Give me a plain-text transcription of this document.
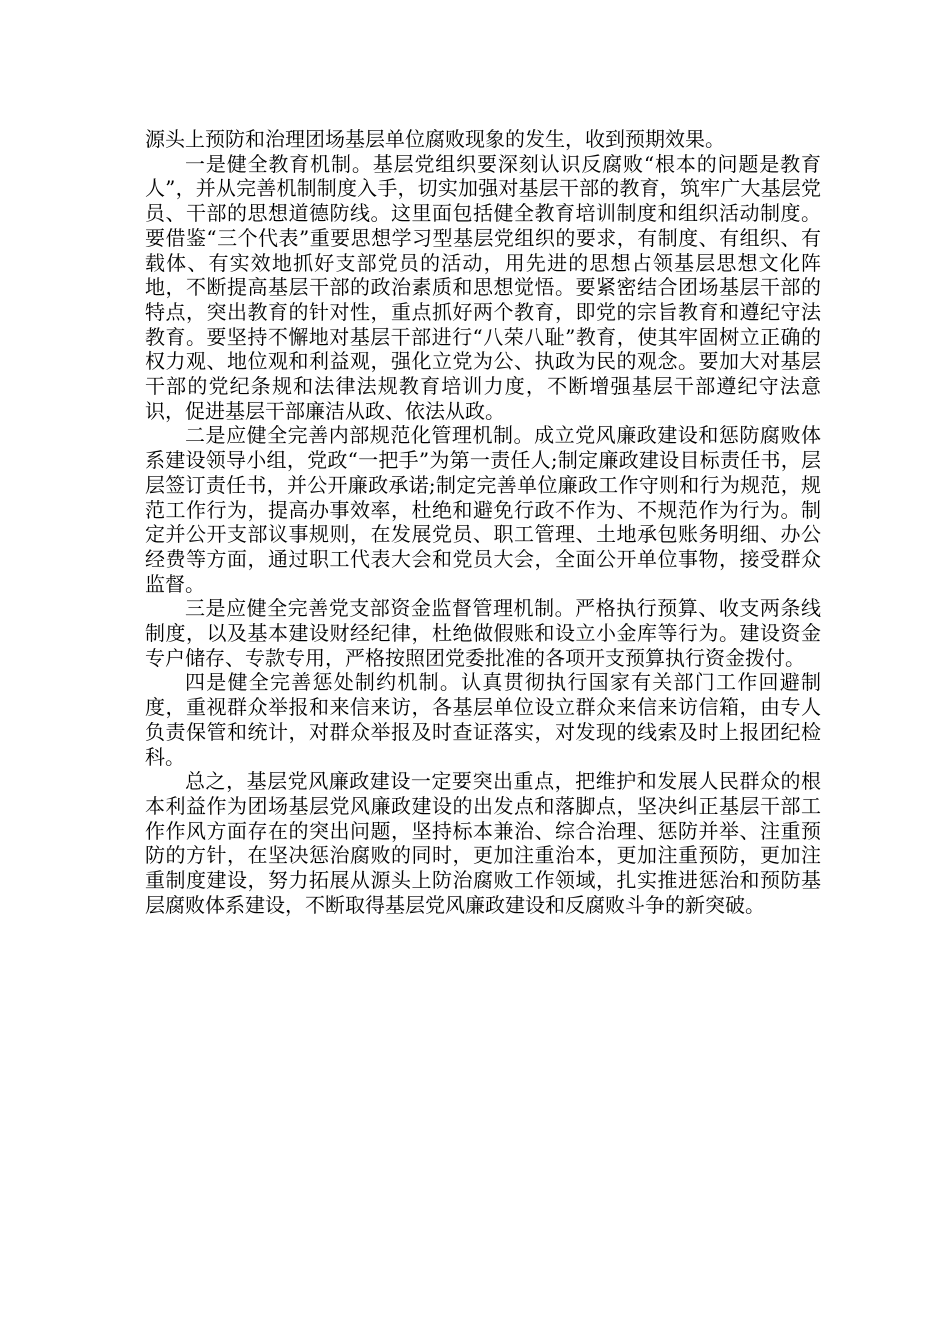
源头上预防和治理团场基层单位腐败现象的发生，收到预期效果。

一是健全教育机制。基层党组织要深刻认识反腐败“根本的问题是教育人”，并从完善机制制度入手，切实加强对基层干部的教育，筑牢广大基层党员、干部的思想道德防线。这里面包括健全教育培训制度和组织活动制度。要借鉴“三个代表”重要思想学习型基层党组织的要求，有制度、有组织、有载体、有实效地抓好支部党员的活动，用先进的思想占领基层思想文化阵地，不断提高基层干部的政治素质和思想觉悟。要紧密结合团场基层干部的特点，突出教育的针对性，重点抓好两个教育，即党的宗旨教育和遵纪守法教育。要坚持不懈地对基层干部进行“八荣八耻”教育，使其牢固树立正确的权力观、地位观和利益观，强化立党为公、执政为民的观念。要加大对基层干部的党纪条规和法律法规教育培训力度，不断增强基层干部遵纪守法意识，促进基层干部廉洁从政、依法从政。

二是应健全完善内部规范化管理机制。成立党风廉政建设和惩防腐败体系建设领导小组，党政“一把手”为第一责任人;制定廉政建设目标责任书，层层签订责任书，并公开廉政承诺;制定完善单位廉政工作守则和行为规范，规范工作行为，提高办事效率，杜绝和避免行政不作为、不规范作为行为。制定并公开支部议事规则，在发展党员、职工管理、土地承包账务明细、办公经费等方面，通过职工代表大会和党员大会，全面公开单位事物，接受群众监督。

三是应健全完善党支部资金监督管理机制。严格执行预算、收支两条线制度，以及基本建设财经纪律，杜绝做假账和设立小金库等行为。建设资金专户储存、专款专用，严格按照团党委批准的各项开支预算执行资金拨付。

四是健全完善惩处制约机制。认真贯彻执行国家有关部门工作回避制度，重视群众举报和来信来访，各基层单位设立群众来信来访信箱，由专人负责保管和统计，对群众举报及时查证落实，对发现的线索及时上报团纪检科。

总之，基层党风廉政建设一定要突出重点，把维护和发展人民群众的根本利益作为团场基层党风廉政建设的出发点和落脚点，坚决纠正基层干部工作作风方面存在的突出问题，坚持标本兼治、综合治理、惩防并举、注重预防的方针，在坚决惩治腐败的同时，更加注重治本，更加注重预防，更加注重制度建设，努力拓展从源头上防治腐败工作领域，扎实推进惩治和预防基层腐败体系建设，不断取得基层党风廉政建设和反腐败斗争的新突破。
